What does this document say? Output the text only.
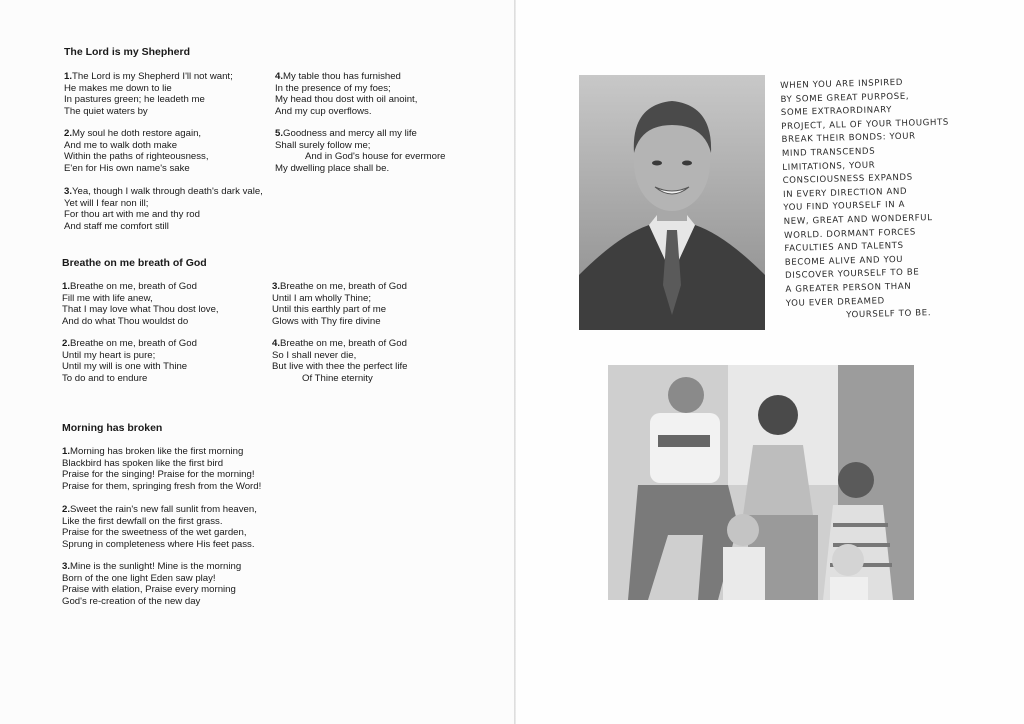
The Lord is my Shepherd
1.The Lord is my Shepherd I'll not want;
He makes me down to lie
In pastures green; he leadeth me
The quiet waters by
2.My soul he doth restore again,
And me to walk doth make
Within the paths of righteousness,
E'en for His own name's sake
3.Yea, though I walk through death's dark vale,
Yet will I fear non ill;
For thou art with me and thy rod
And staff me comfort still
4.My table thou has furnished
In the presence of my foes;
My head thou dost with oil anoint,
And my cup overflows.
5.Goodness and mercy all my life
Shall surely follow me;
And in God's house for evermore
My dwelling place shall be.
Breathe on me breath of God
1.Breathe on me, breath of God
Fill me with life anew,
That I may love what Thou dost love,
And do what Thou wouldst do
2.Breathe on me, breath of God
Until my heart is pure;
Until my will is one with Thine
To do and to endure
3.Breathe on me, breath of God
Until I am wholly Thine;
Until this earthly part of me
Glows with Thy fire divine
4.Breathe on me, breath of God
So I shall never die,
But live with thee the perfect life
Of Thine eternity
Morning has broken
1.Morning has broken like the first morning
Blackbird has spoken like the first bird
Praise for the singing! Praise for the morning!
Praise for them, springing fresh from the Word!
2.Sweet the rain's new fall sunlit from heaven,
Like the first dewfall on the first grass.
Praise for the sweetness of the wet garden,
Sprung in completeness where His feet pass.
3.Mine is the sunlight! Mine is the morning
Born of the one light Eden saw play!
Praise with elation, Praise every morning
God's re-creation of the new day
WHEN YOU ARE INSPIRED
BY SOME GREAT PURPOSE,
SOME EXTRAORDINARY
PROJECT, ALL OF YOUR THOUGHTS
BREAK THEIR BONDS: YOUR
MIND TRANSCENDS
LIMITATIONS, YOUR
CONSCIOUSNESS EXPANDS
IN EVERY DIRECTION AND
YOU FIND YOURSELF IN A
NEW, GREAT AND WONDERFUL
WORLD. DORMANT FORCES
FACULTIES AND TALENTS
BECOME ALIVE AND YOU
DISCOVER YOURSELF TO BE
A GREATER PERSON THAN
YOU EVER DREAMED
YOURSELF TO BE.
